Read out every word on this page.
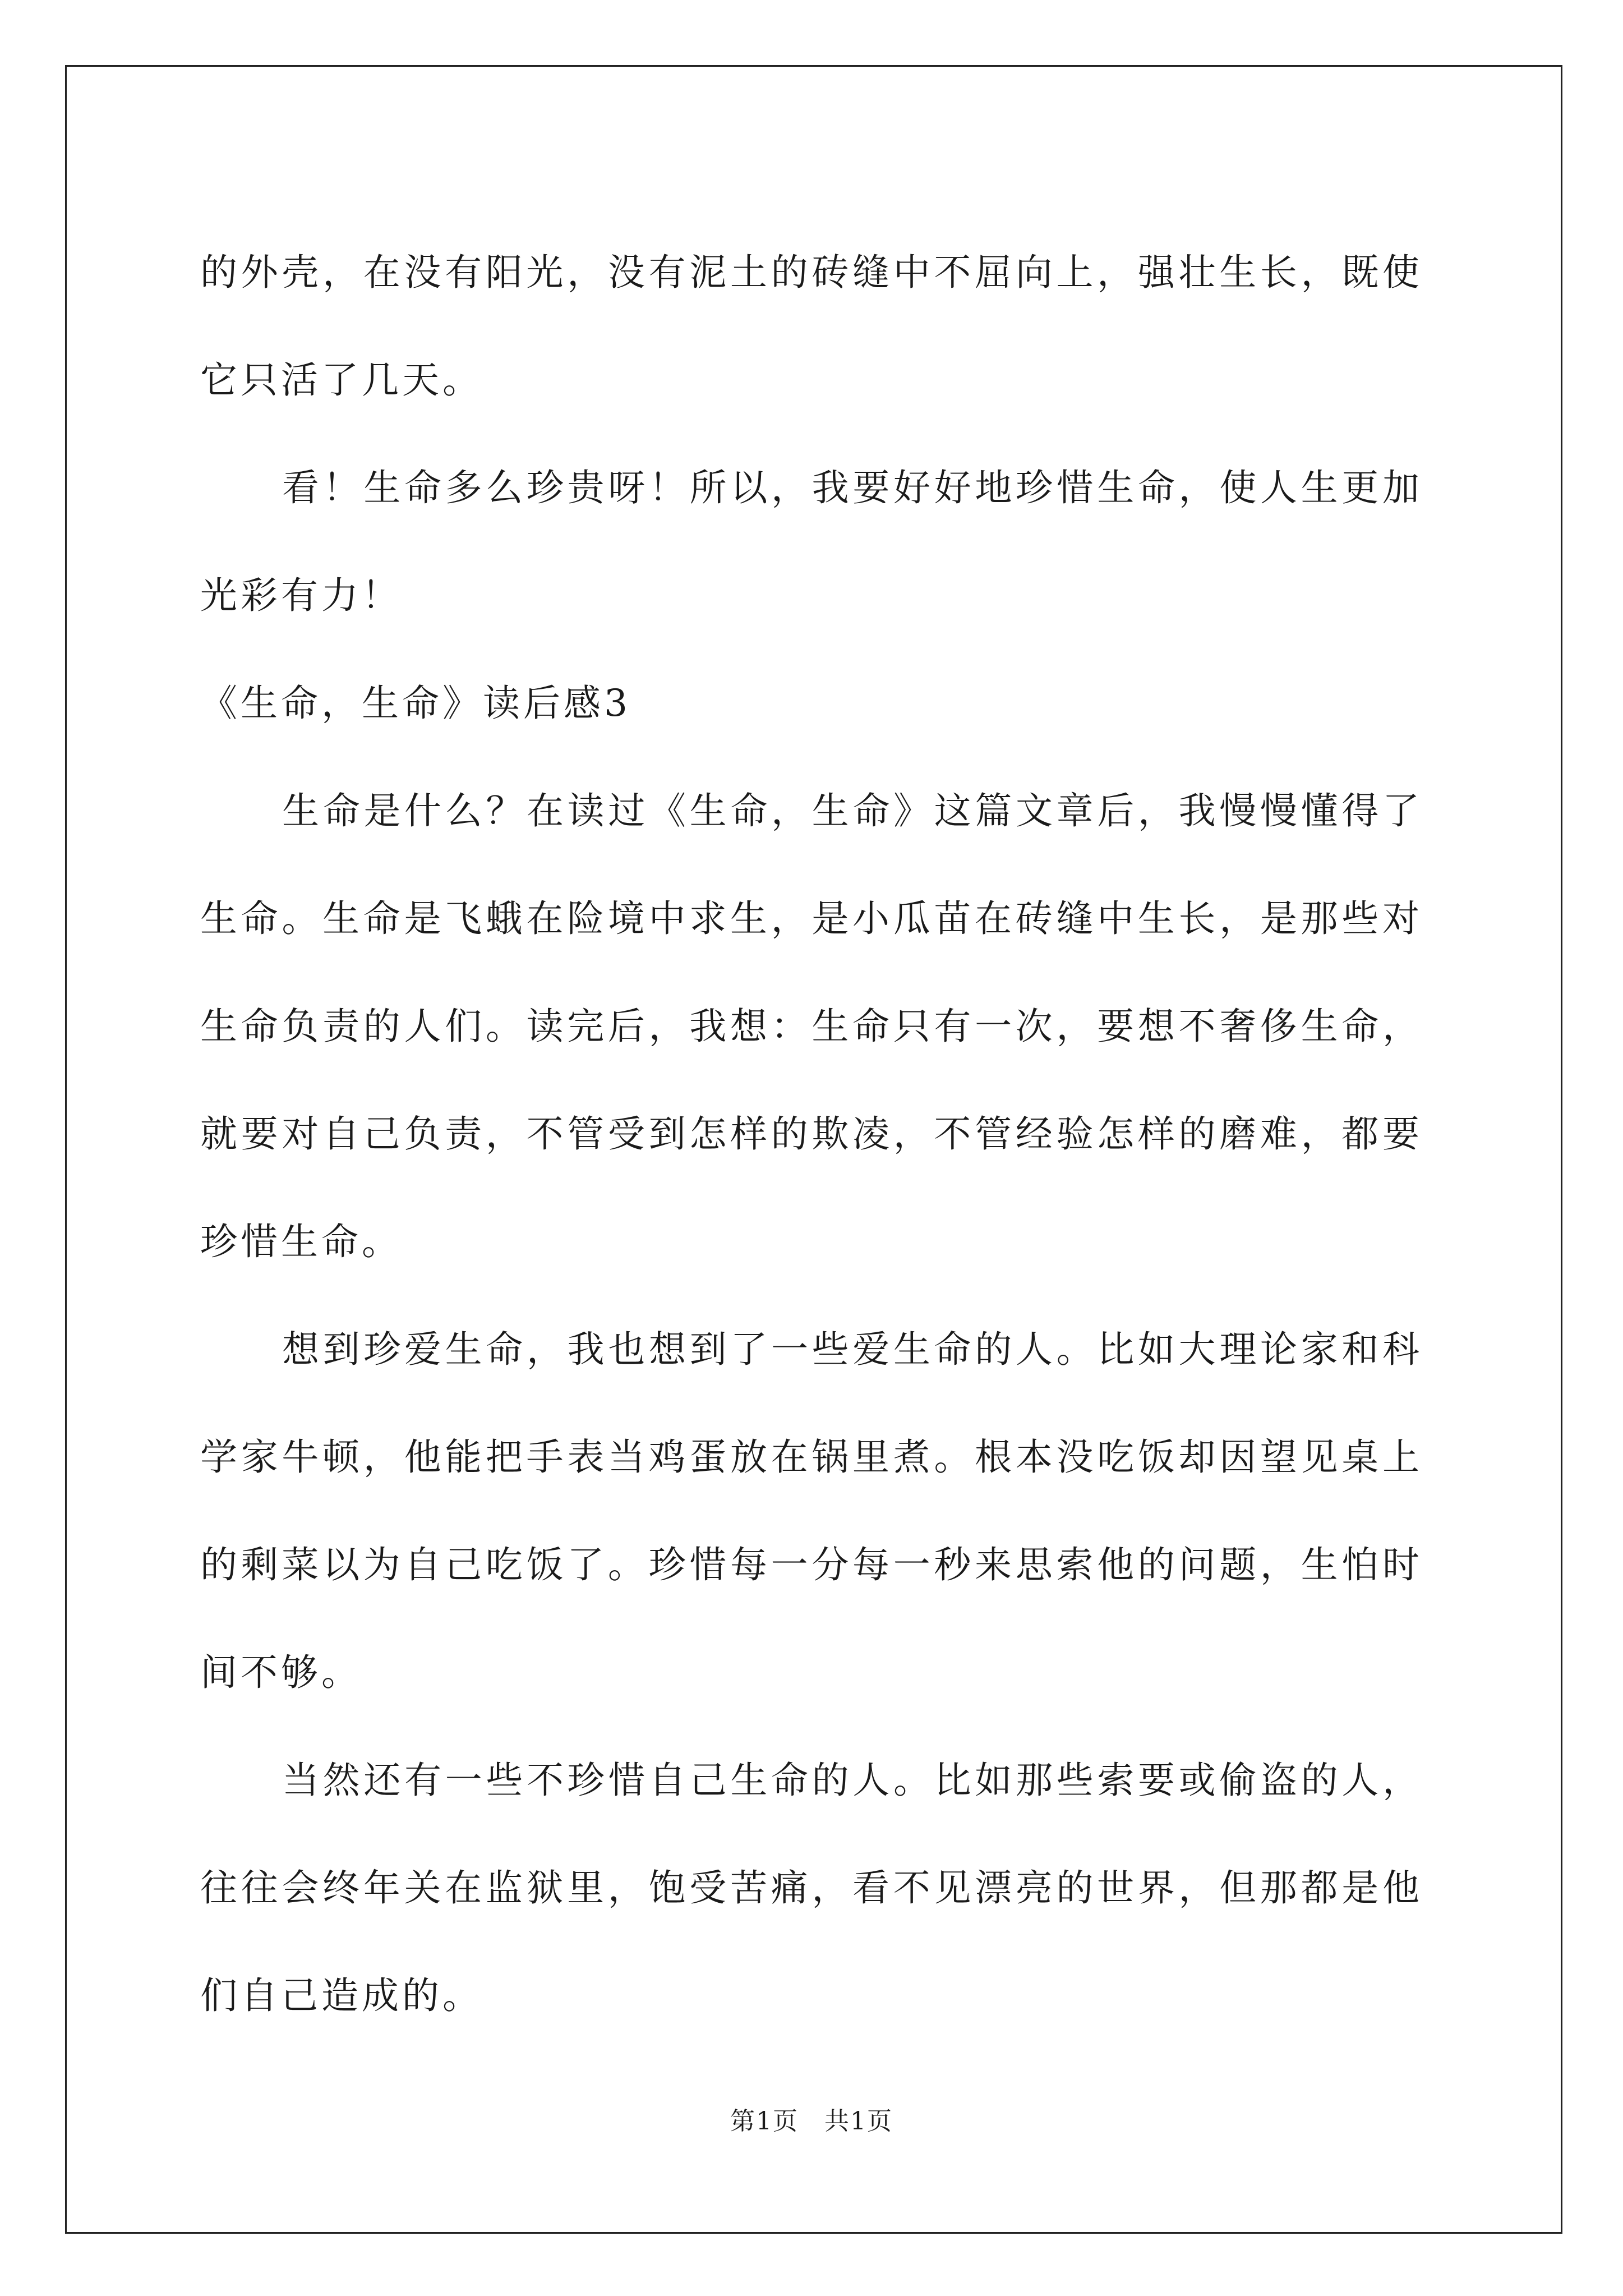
的外壳，在没有阳光，没有泥土的砖缝中不屈向上，强壮生长，既使它只活了几天。

看！生命多么珍贵呀！所以，我要好好地珍惜生命，使人生更加光彩有力！

《生命，生命》读后感3

生命是什么？在读过《生命，生命》这篇文章后，我慢慢懂得了生命。生命是飞蛾在险境中求生，是小瓜苗在砖缝中生长，是那些对生命负责的人们。读完后，我想：生命只有一次，要想不奢侈生命，就要对自己负责，不管受到怎样的欺凌，不管经验怎样的磨难，都要珍惜生命。

想到珍爱生命，我也想到了一些爱生命的人。比如大理论家和科学家牛顿，他能把手表当鸡蛋放在锅里煮。根本没吃饭却因望见桌上的剩菜以为自己吃饭了。珍惜每一分每一秒来思索他的问题，生怕时间不够。

当然还有一些不珍惜自己生命的人。比如那些索要或偷盗的人，往往会终年关在监狱里，饱受苦痛，看不见漂亮的世界，但那都是他们自己造成的。

第1页　共1页
